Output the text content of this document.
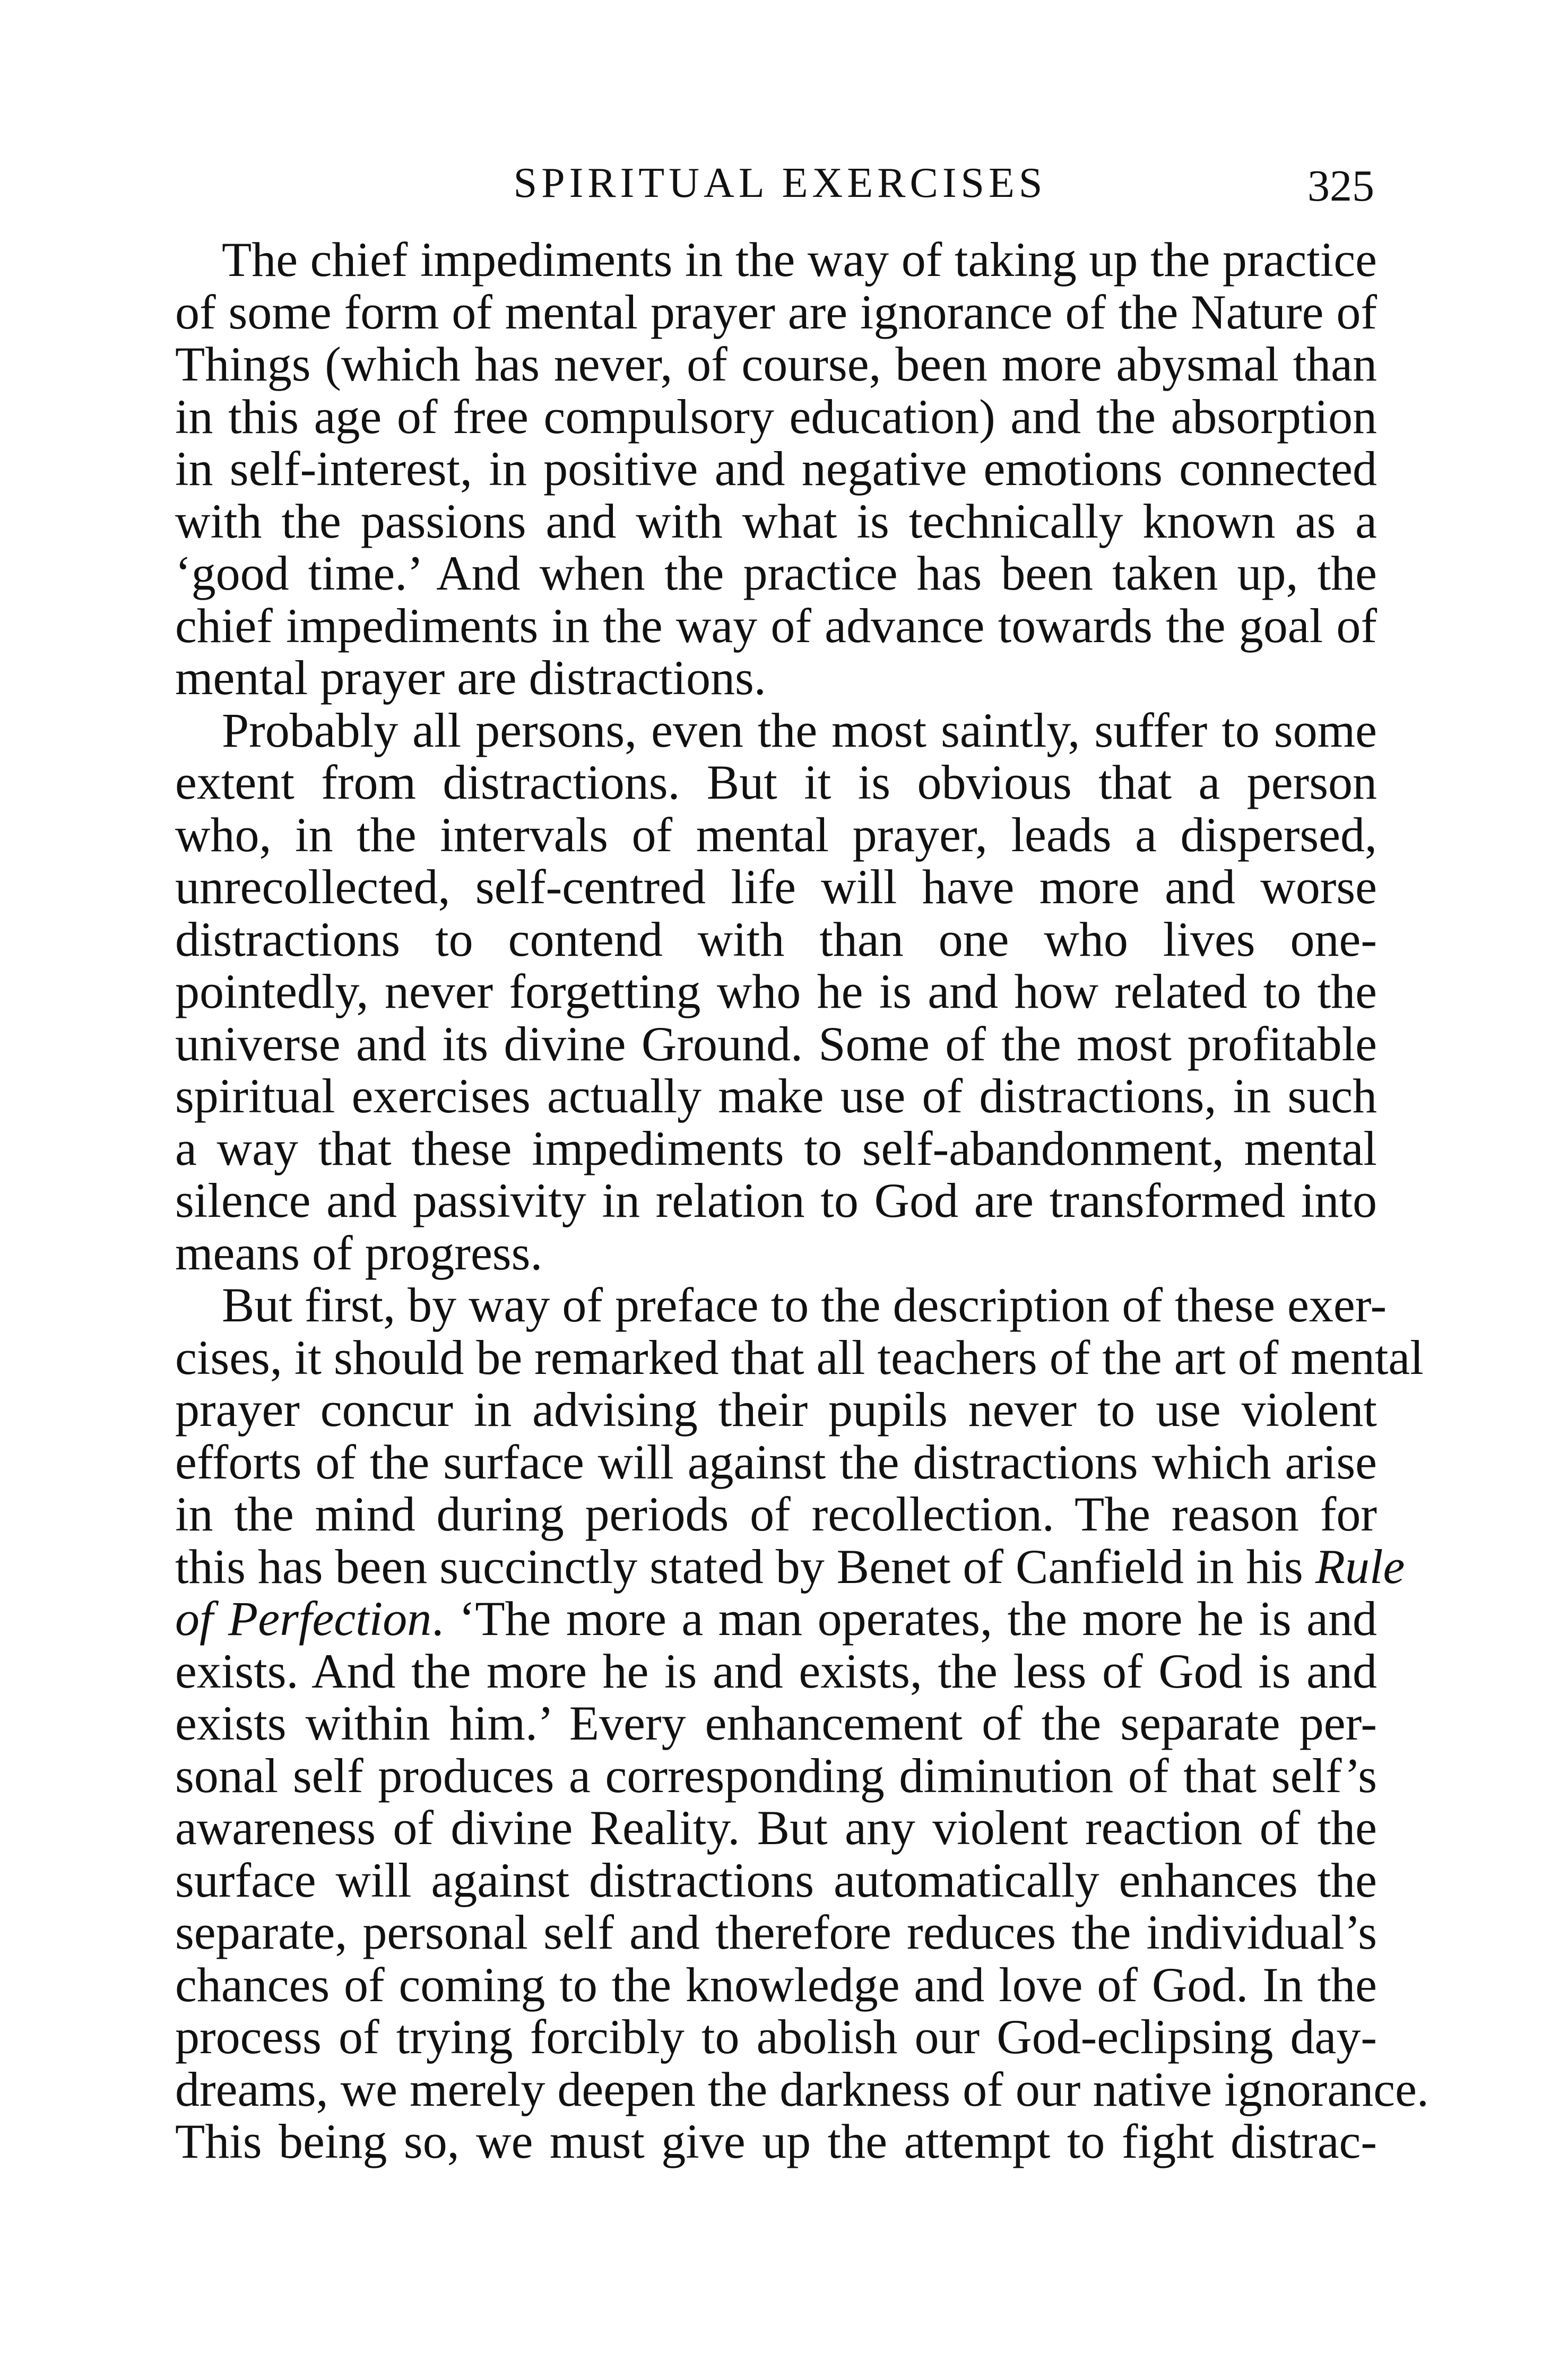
SPIRITUAL EXERCISES	325
The chief impediments in the way of taking up the practice
of some form of mental prayer are ignorance of the Nature of
Things (which has never, of course, been more abysmal than
in this age of free compulsory education) and the absorption
in self-interest, in positive and negative emotions connected
with the passions and with what is technically known as a
‘good time.’ And when the practice has been taken up, the
chief impediments in the way of advance towards the goal of
mental prayer are distractions.
Probably all persons, even the most saintly, suffer to some
extent from distractions. But it is obvious that a person
who, in the intervals of mental prayer, leads a dispersed,
unrecollected, self-centred life will have more and worse
distractions to contend with than one who lives one-
pointedly, never forgetting who he is and how related to the
universe and its divine Ground. Some of the most profitable
spiritual exercises actually make use of distractions, in such
a way that these impediments to self-abandonment, mental
silence and passivity in relation to God are transformed into
means of progress.
But first, by way of preface to the description of these exer-
cises, it should be remarked that all teachers of the art of mental
prayer concur in advising their pupils never to use violent
efforts of the surface will against the distractions which arise
in the mind during periods of recollection. The reason for
this has been succinctly stated by Benet of Canfield in his Rule
of Perfection. ‘The more a man operates, the more he is and
exists. And the more he is and exists, the less of God is and
exists within him.’ Every enhancement of the separate per-
sonal self produces a corresponding diminution of that self’s
awareness of divine Reality. But any violent reaction of the
surface will against distractions automatically enhances the
separate, personal self and therefore reduces the individual’s
chances of coming to the knowledge and love of God. In the
process of trying forcibly to abolish our God-eclipsing day-
dreams, we merely deepen the darkness of our native ignorance.
This being so, we must give up the attempt to fight distrac-
